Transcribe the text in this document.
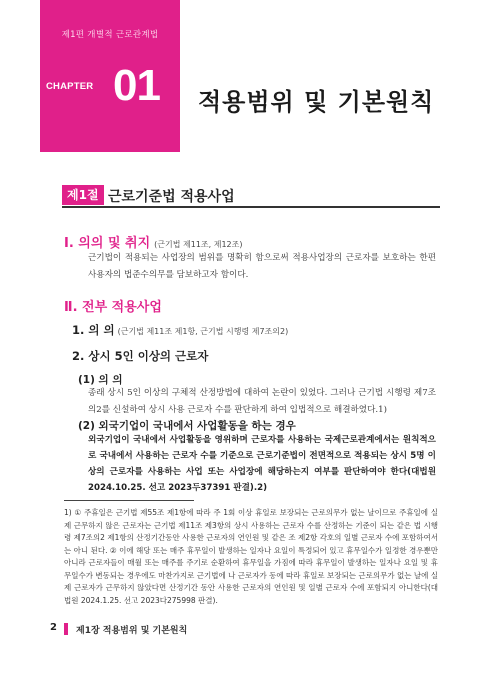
제1편 개별적 근로관계법
CHAPTER 01 적용범위 및 기본원칙
제1절 근로기준법 적용사업
Ⅰ. 의의 및 취지 (근기법 제11조, 제12조)
근기법이 적용되는 사업장의 범위를 명확히 함으로써 적용사업장의 근로자를 보호하는 한편 사용자의 법준수의무를 담보하고자 함이다.
Ⅱ. 전부 적용사업
1. 의 의 (근기법 제11조 제1항, 근기법 시행령 제7조의2)
2. 상시 5인 이상의 근로자
(1) 의 의
종래 상시 5인 이상의 구체적 산정방법에 대하여 논란이 있었다. 그러나 근기법 시행령 제7조의2를 신설하여 상시 사용 근로자 수를 판단하게 하여 입법적으로 해결하였다.1)
(2) 외국기업이 국내에서 사업활동을 하는 경우
외국기업이 국내에서 사업활동을 영위하며 근로자를 사용하는 국제근로관계에서는 원칙적으로 국내에서 사용하는 근로자 수를 기준으로 근로기준법이 전면적으로 적용되는 상시 5명 이상의 근로자를 사용하는 사업 또는 사업장에 해당하는지 여부를 판단하여야 한다(대법원 2024.10.25. 선고 2023두37391 판결).2)
1) ① 주휴일은 근기법 제55조 제1항에 따라 주 1회 이상 휴일로 보장되는 근로의무가 없는 날이므로 주휴일에 실제 근무하지 않은 근로자는 근기법 제11조 제3항의 상시 사용하는 근로자 수를 산정하는 기준이 되는 같은 법 시행령 제7조의2 제1항의 산정기간동안 사용한 근로자의 연인원 및 같은 조 제2항 각호의 일별 근로자 수에 포함하여서는 아니 된다. ② 이에 해당 또는 매주 휴무일이 발생하는 일자나 요일이 특정되어 있고 휴무일수가 일정한 경우뿐만 아니라 근로자들이 매월 또는 매주를 주기로 순환하여 휴무일을 가짐에 따라 휴무일이 발생하는 일자나 요일 및 휴무일수가 변동되는 경우에도 마찬가지로 근기법에 나 근로자가 동에 따라 휴일로 보장되는 근로의무가 없는 날에 실제 근로자가 근무하지 않았다면 산정기간 동안 사용한 근로자의 연인원 및 일별 근로자 수에 포함되지 아니한다(대법원 2024.1.25. 선고 2023다275998 판결).
2 제1장 적용범위 및 기본원칙
